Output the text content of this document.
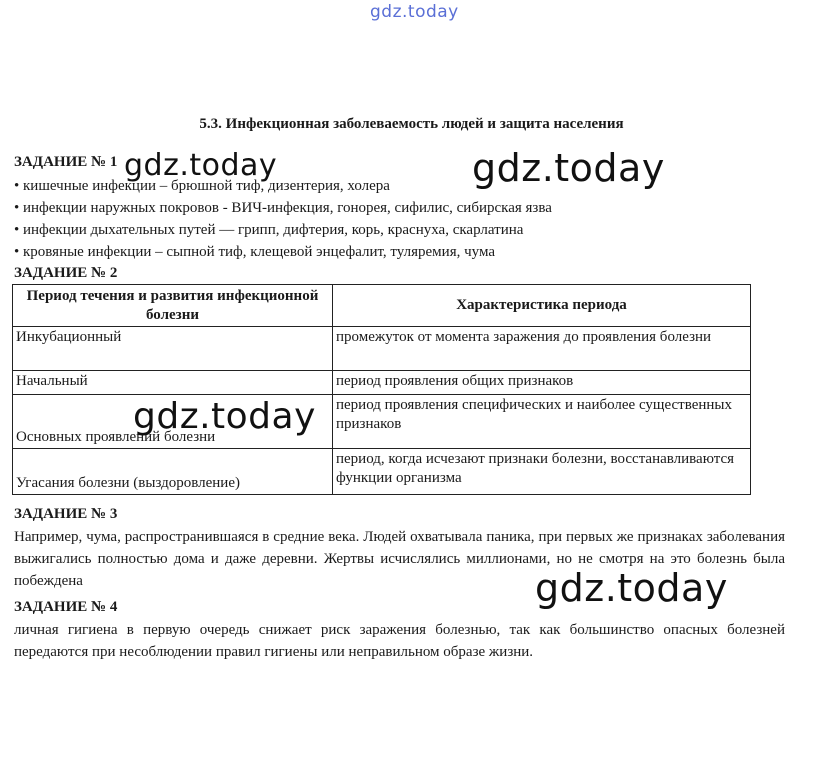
gdz.today
5.3. Инфекционная заболеваемость людей и защита населения
ЗАДАНИЕ № 1
• кишечные инфекции – брюшной тиф, дизентерия, холера
• инфекции наружных покровов - ВИЧ-инфекция, гонорея, сифилис, сибирская язва
• инфекции дыхательных путей — грипп, дифтерия, корь, краснуха, скарлатина
• кровяные инфекции – сыпной тиф, клещевой энцефалит, туляремия, чума
ЗАДАНИЕ № 2
Период течения и развития инфекционной болезни	Характеристика периода
Инкубационный	промежуток от момента заражения до проявления болезни
Начальный	период проявления общих признаков
Основных проявлений болезни	период проявления специфических и наиболее существенных признаков
Угасания болезни (выздоровление)	период, когда исчезают признаки болезни, восстанавливаются функции организма
ЗАДАНИЕ № 3
Например, чума, распространившаяся в средние века. Людей охватывала паника, при первых же признаках заболевания выжигались полностью дома и даже деревни. Жертвы исчислялись миллионами, но не смотря на это болезнь была побеждена
ЗАДАНИЕ № 4
личная гигиена в первую очередь снижает риск заражения болезнью, так как большинство опасных болезней передаются при несоблюдении правил гигиены или неправильном образе жизни.
gdz.today	gdz.today
gdz.today
gdz.today
